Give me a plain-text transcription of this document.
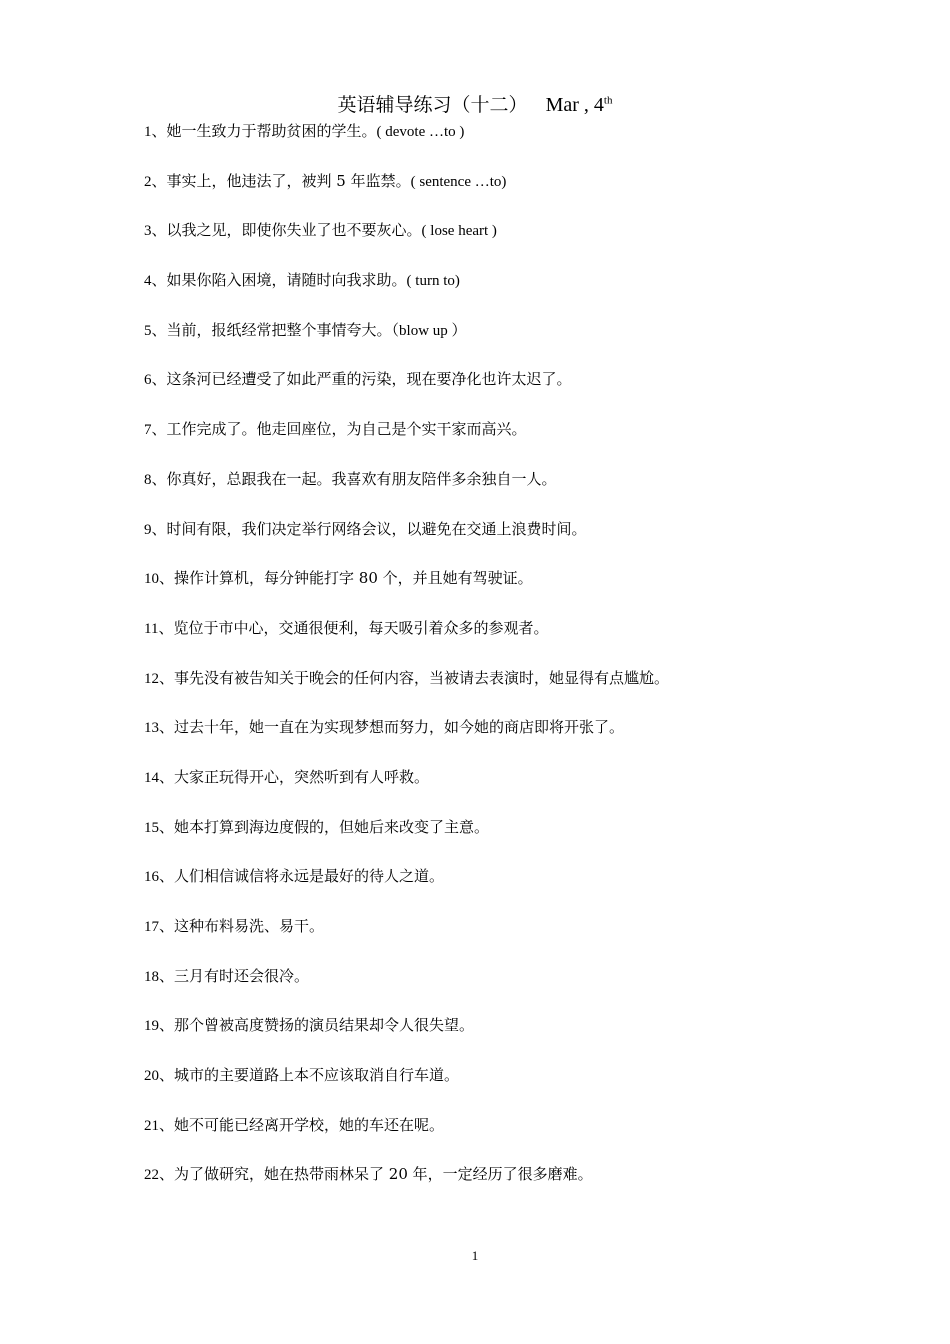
英语辅导练习（十二） Mar , 4th
1、她一生致力于帮助贫困的学生。( devote …to )
2、事实上，他违法了，被判 5 年监禁。( sentence …to)
3、以我之见，即使你失业了也不要灰心。( lose heart )
4、如果你陷入困境，请随时向我求助。( turn to)
5、当前，报纸经常把整个事情夸大。（blow up ）
6、这条河已经遭受了如此严重的污染，现在要净化也许太迟了。
7、工作完成了。他走回座位，为自己是个实干家而高兴。
8、你真好，总跟我在一起。我喜欢有朋友陪伴多余独自一人。
9、时间有限，我们决定举行网络会议，以避免在交通上浪费时间。
10、操作计算机，每分钟能打字 80 个，并且她有驾驶证。
11、览位于市中心，交通很便利，每天吸引着众多的参观者。
12、事先没有被告知关于晚会的任何内容，当被请去表演时，她显得有点尴尬。
13、过去十年，她一直在为实现梦想而努力，如今她的商店即将开张了。
14、大家正玩得开心，突然听到有人呼救。
15、她本打算到海边度假的，但她后来改变了主意。
16、人们相信诚信将永远是最好的待人之道。
17、这种布料易洗、易干。
18、三月有时还会很冷。
19、那个曾被高度赞扬的演员结果却令人很失望。
20、城市的主要道路上本不应该取消自行车道。
21、她不可能已经离开学校，她的车还在呢。
22、为了做研究，她在热带雨林呆了 20 年，一定经历了很多磨难。
1
